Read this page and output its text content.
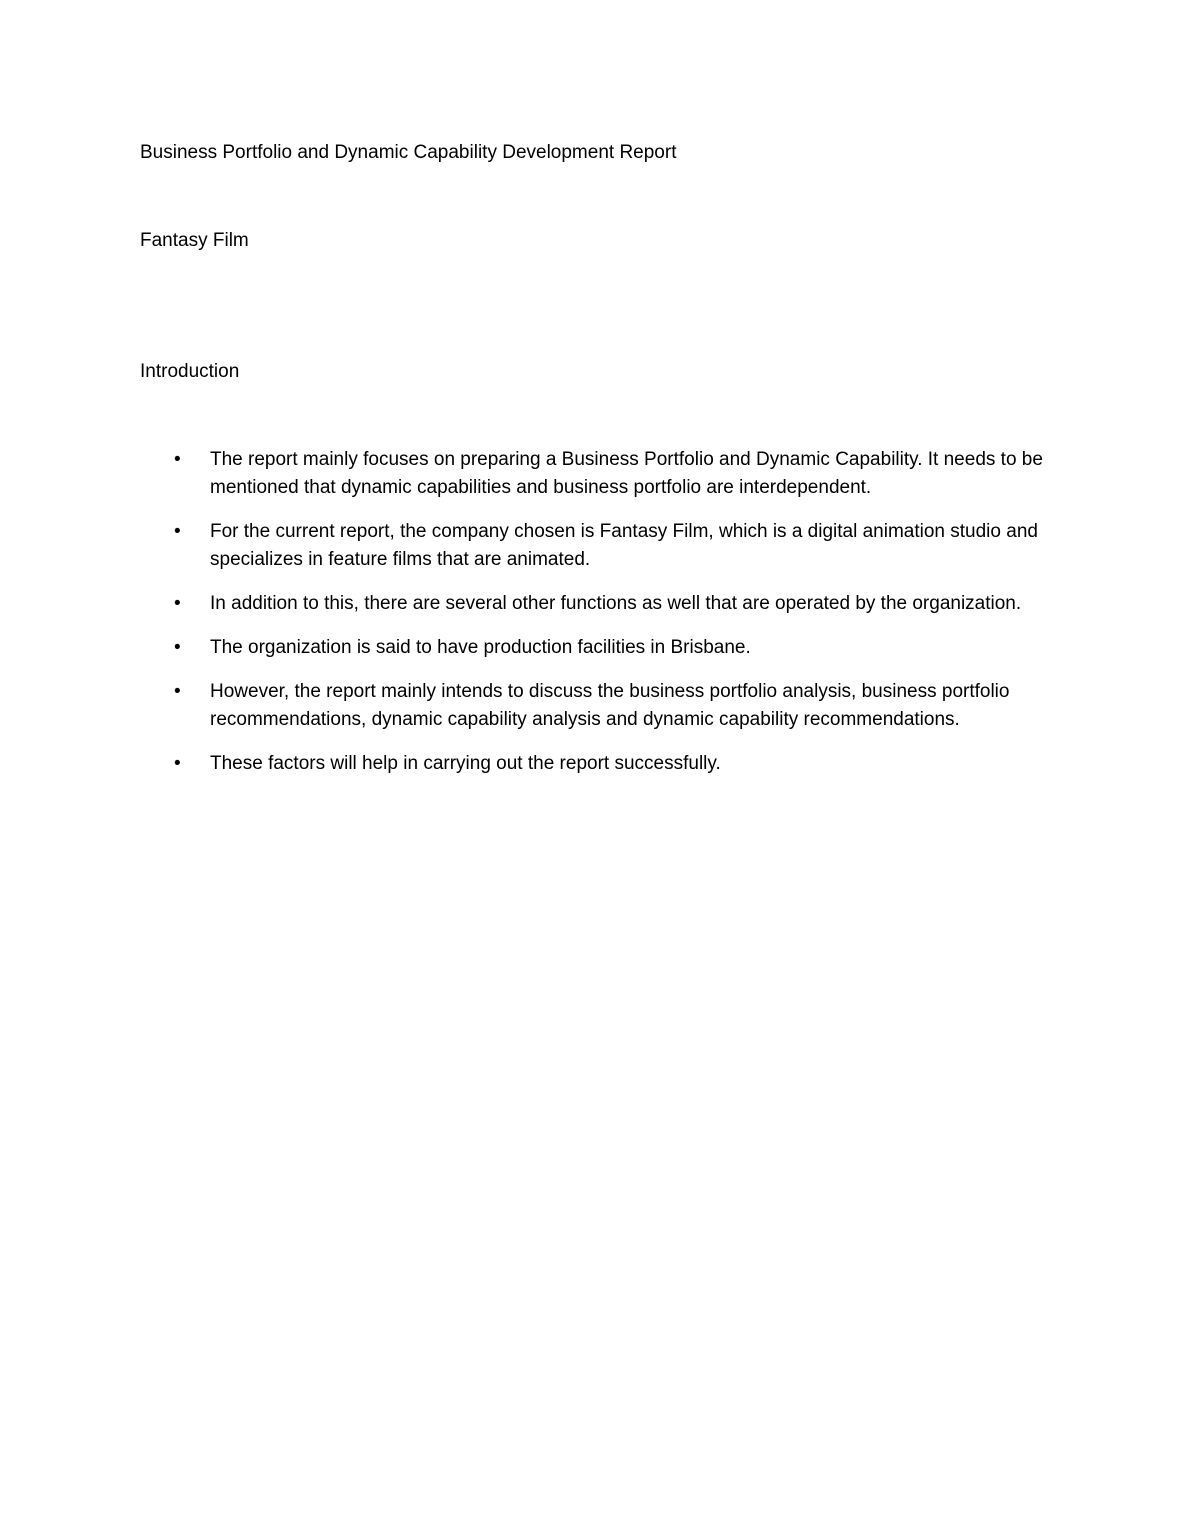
Business Portfolio and Dynamic Capability Development Report
Fantasy Film
Introduction
•	The report mainly focuses on preparing a Business Portfolio and Dynamic Capability. It needs to be mentioned that dynamic capabilities and business portfolio are interdependent.
•	For the current report, the company chosen is Fantasy Film, which is a digital animation studio and specializes in feature films that are animated.
•	In addition to this, there are several other functions as well that are operated by the organization.
•	The organization is said to have production facilities in Brisbane.
•	However, the report mainly intends to discuss the business portfolio analysis, business portfolio recommendations, dynamic capability analysis and dynamic capability recommendations.
•	These factors will help in carrying out the report successfully.
